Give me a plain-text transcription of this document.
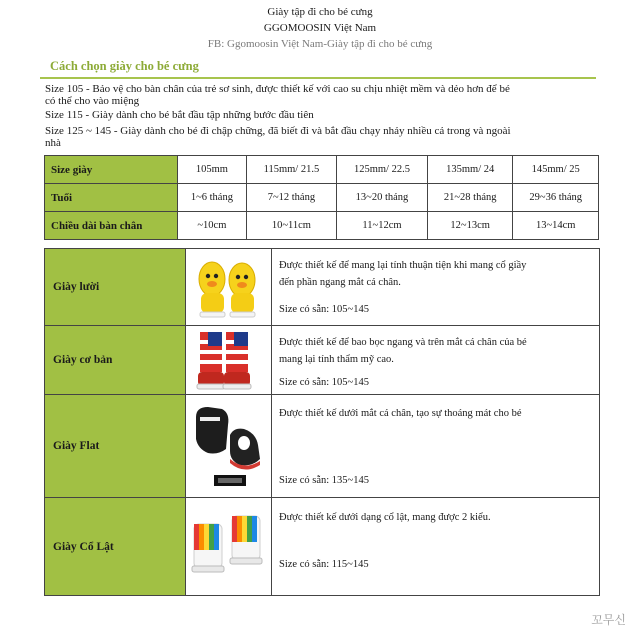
Giày tập đi cho bé cưng
GGOMOOSIN Việt Nam
FB: Ggomoosin Việt Nam-Giày tập đi cho bé cưng
Cách chọn giày cho bé cưng
Size 105 - Bảo vệ cho bàn chân của trẻ sơ sinh, được thiết kế với cao su chịu nhiệt mềm và dẻo hơn để bé
có thể cho vào miệng
Size 115 - Giày dành cho bé bắt đầu tập những bước đầu tiên
Size 125 ~ 145 - Giày dành cho bé đi chập chững, đã biết đi và bắt đầu chạy nhảy nhiều cả trong và ngoài
nhà
Size giày	105mm	115mm/ 21.5	125mm/ 22.5	135mm/ 24	145mm/ 25
Tuổi	1~6 tháng	7~12 tháng	13~20 tháng	21~28 tháng	29~36 tháng
Chiều dài bàn chân	~10cm	10~11cm	11~12cm	12~13cm	13~14cm
Giày lười
Được thiết kế để mang lại tính thuận tiện khi mang cổ giầy
đến phần ngang mắt cá chân.
Size có sẵn: 105~145
Giày cơ bản
Được thiết kế để bao bọc ngang và trên mắt cá chân của bé
mang lại tính thẩm mỹ cao.
Size có sẵn: 105~145
Giày Flat
Được thiết kế dưới mắt cá chân, tạo sự thoáng mát cho bé
Size có sẵn: 135~145
Giày Cổ Lật
Được thiết kế dưới dạng cổ lật, mang được 2 kiểu.
Size có sẵn: 115~145
꼬무신
